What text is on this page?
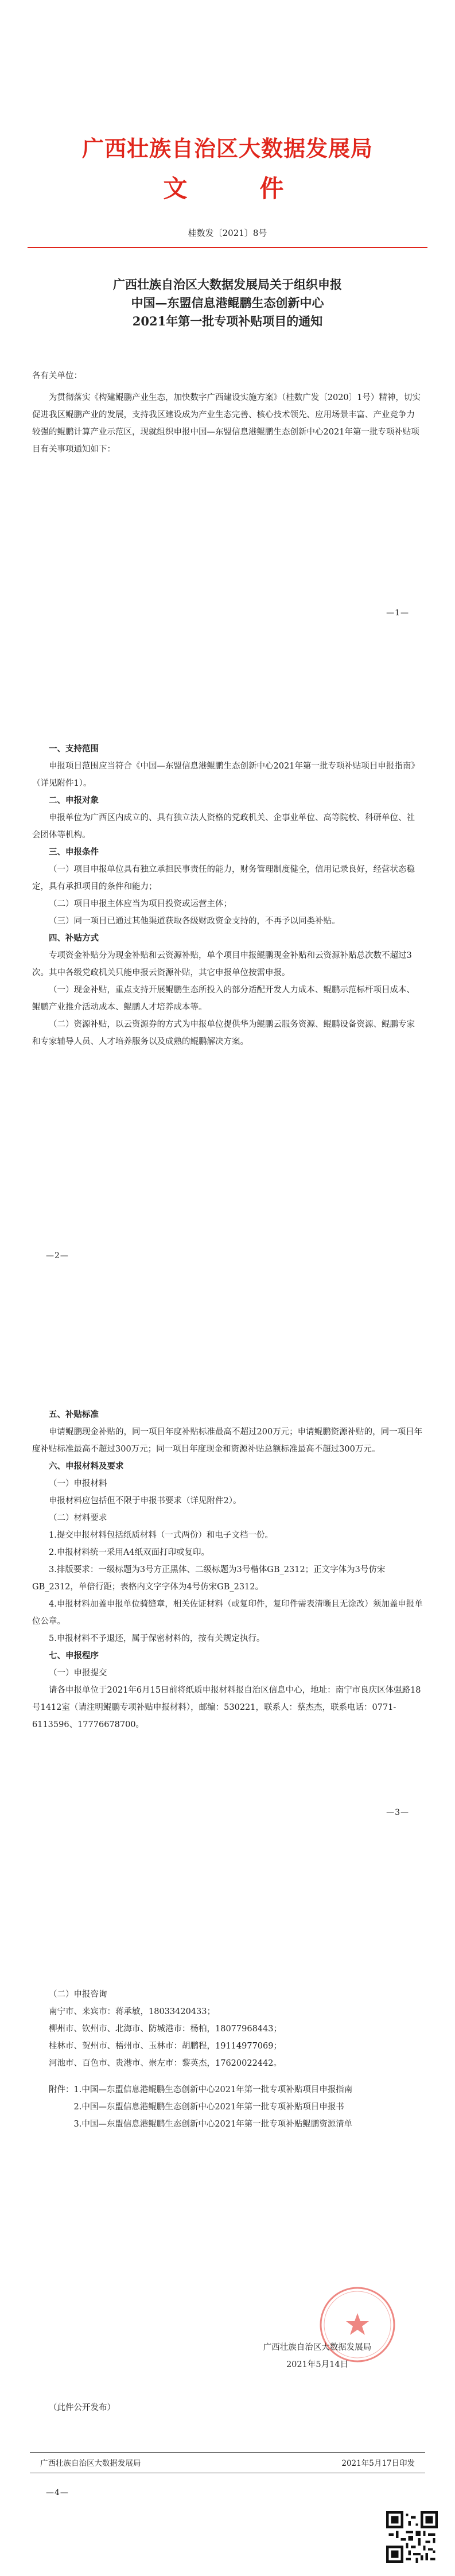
广西壮族自治区大数据发展局
文　　件
桂数发〔2021〕8号
广西壮族自治区大数据发展局关于组织申报
中国—东盟信息港鲲鹏生态创新中心
2021年第一批专项补贴项目的通知

各有关单位：

为贯彻落实《构建鲲鹏产业生态，加快数字广西建设实施方案》（桂数广发〔2020〕1号）精神，切实促进我区鲲鹏产业的发展，支持我区建设成为产业生态完善、核心技术领先、应用场景丰富、产业竞争力较强的鲲鹏计算产业示范区，现就组织申报中国—东盟信息港鲲鹏生态创新中心2021年第一批专项补贴项目有关事项通知如下：

—1—

一、支持范围

申报项目范围应当符合《中国—东盟信息港鲲鹏生态创新中心2021年第一批专项补贴项目申报指南》（详见附件1）。

二、申报对象

申报单位为广西区内成立的、具有独立法人资格的党政机关、企事业单位、高等院校、科研单位、社会团体等机构。

三、申报条件

（一）项目申报单位具有独立承担民事责任的能力，财务管理制度健全，信用记录良好，经营状态稳定，具有承担项目的条件和能力；

（二）项目申报主体应当为项目投资或运营主体；

（三）同一项目已通过其他渠道获取各级财政资金支持的，不再予以同类补贴。

四、补贴方式

专项资金补贴分为现金补贴和云资源补贴，单个项目申报鲲鹏现金补贴和云资源补贴总次数不超过3次。其中各级党政机关只能申报云资源补贴，其它申报单位按需申报。

（一）现金补贴，重点支持开展鲲鹏生态所投入的部分适配开发人力成本、鲲鹏示范标杆项目成本、鲲鹏产业推介活动成本、鲲鹏人才培养成本等。

（二）资源补贴，以云资源券的方式为申报单位提供华为鲲鹏云服务资源、鲲鹏设备资源、鲲鹏专家和专家辅导人员、人才培养服务以及成熟的鲲鹏解决方案。

—2—

五、补贴标准

申请鲲鹏现金补贴的，同一项目年度补贴标准最高不超过200万元；申请鲲鹏资源补贴的，同一项目年度补贴标准最高不超过300万元；同一项目年度现金和资源补贴总额标准最高不超过300万元。

六、申报材料及要求

（一）申报材料

申报材料应包括但不限于申报书要求（详见附件2）。

（二）材料要求

1.提交申报材料包括纸质材料（一式两份）和电子文档一份。

2.申报材料统一采用A4纸双面打印或复印。

3.排版要求：一级标题为3号方正黑体、二级标题为3号楷体GB_2312；正文字体为3号仿宋GB_2312，单倍行距；表格内文字字体为4号仿宋GB_2312。

4.申报材料加盖申报单位骑缝章，相关佐证材料（或复印件，复印件需表清晰且无涂改）须加盖申报单位公章。

5.申报材料不予退还，属于保密材料的，按有关规定执行。

七、申报程序

（一）申报提交

请各申报单位于2021年6月15日前将纸质申报材料报自治区信息中心，地址：南宁市良庆区体强路18号1412室（请注明鲲鹏专项补贴申报材料），邮编：530221，联系人：蔡杰杰，联系电话：0771-6113596、17776678700。

—3—

（二）申报咨询

南宁市、来宾市：蒋承敏，18033420433；

柳州市、钦州市、北海市、防城港市：杨柏，18077968443；

桂林市、贺州市、梧州市、玉林市：胡鹏程，19114977069；

河池市、百色市、贵港市、崇左市：黎英杰，17620022442。

附件： 1.中国—东盟信息港鲲鹏生态创新中心2021年第一批专项补贴项目申报指南
2.中国—东盟信息港鲲鹏生态创新中心2021年第一批专项补贴项目申报书
3.中国—东盟信息港鲲鹏生态创新中心2021年第一批专项补贴鲲鹏资源清单
广西壮族自治区大数据发展局
2021年5月14日

（此件公开发布）

广西壮族自治区大数据发展局	2021年5月17日印发
—4—
